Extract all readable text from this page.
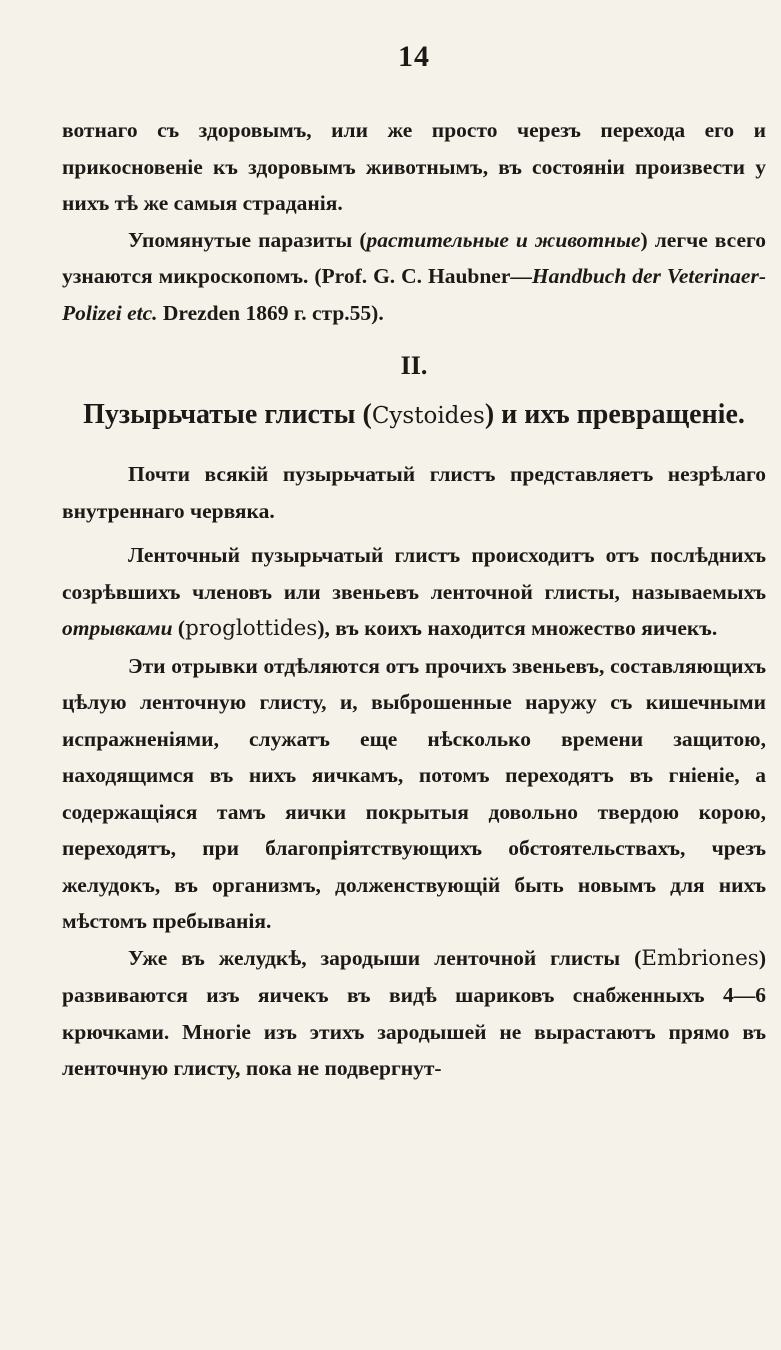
14

вотнаго съ здоровымъ, или же просто черезъ перехода его и прикосновеніе къ здоровымъ животнымъ, въ состояніи произвести у нихъ тѣ же самыя страданія.

Упомянутые паразиты (растительные и животные) легче всего узнаются микроскопомъ. (Prof. G. C. Haubner—Handbuch der Veterinaer-Polizei etc. Drezden 1869 г. стр.55).

II.
Пузырьчатые глисты (Cystoides) и ихъ превращеніе.

Почти всякій пузырьчатый глистъ представляетъ незрѣлаго внутреннаго червяка.

Ленточный пузырьчатый глистъ происходитъ отъ послѣднихъ созрѣвшихъ членовъ или звеньевъ ленточной глисты, называемыхъ отрывками (proglottides), въ коихъ находится множество яичекъ.

Эти отрывки отдѣляются отъ прочихъ звеньевъ, составляющихъ цѣлую ленточную глисту, и, выброшенные наружу съ кишечными испражненіями, служатъ еще нѣсколько времени защитою, находящимся въ нихъ яичкамъ, потомъ переходятъ въ гніеніе, а содержащіяся тамъ яички покрытыя довольно твердою корою, переходятъ, при благопріятствующихъ обстоятельствахъ, чрезъ желудокъ, въ организмъ, долженствующій быть новымъ для нихъ мѣстомъ пребыванія.

Уже въ желудкѣ, зародыши ленточной глисты (Embriones) развиваются изъ яичекъ въ видѣ шариковъ снабженныхъ 4—6 крючками. Многіе изъ этихъ зародышей не вырастаютъ прямо въ ленточную глисту, пока не подвергнут-
